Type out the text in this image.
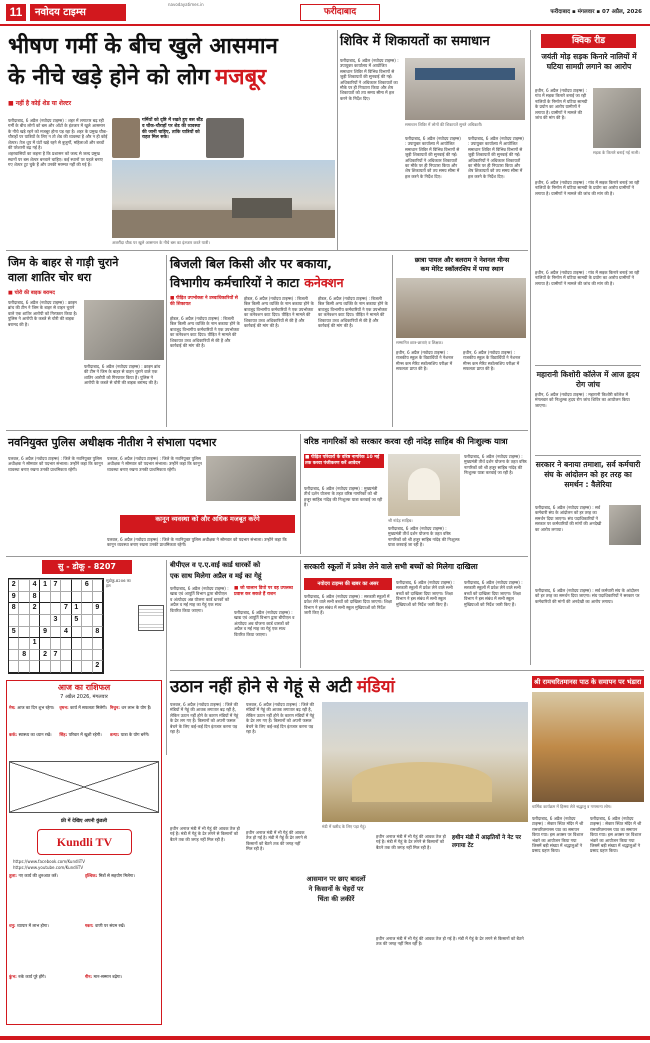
11	नवोदय टाइम्स
navodayatimes.in
फरीदाबाद	फरीदाबाद ▪ मंगलवार ▪ 07 अप्रैल, 2026
भीषण गर्मी के बीच खुले आसमान
के नीचे खड़े होने को लोग मजबूर
■ नहीं है कोई शेड या शेल्टर

फरीदाबाद, 6 अप्रैल (नवोदय टाइम्स) : शहर में लगातार बढ़ रही गर्मी के बीच लोगों को बस और ऑटो के इंतजार में खुले आसमान के नीचे खड़े रहने को मजबूर होना पड़ रहा है। शहर के प्रमुख चौक-चौराहों पर यात्रियों के लिए न तो शेड की व्यवस्था है और न ही कोई शेल्टर। तेज धूप में घंटों खड़े रहने से बुजुर्गों, महिलाओं और बच्चों की परेशानी बढ़ गई है।

शहरवासियों का कहना है कि प्रशासन को जल्द से जल्द प्रमुख स्थानों पर बस शेल्टर बनवाने चाहिए। कई स्थानों पर पहले बनाए गए शेल्टर टूट चुके हैं और उनकी मरम्मत नहीं की गई है।

गर्मियों को दृष्टि में रखते हुए बस स्टैंड व चौक-चौराहों पर शेड की व्यवस्था की जानी चाहिए, ताकि यात्रियों को राहत मिल सके।
अजरौंदा चौक पर खुले आसमान के नीचे बस का इंतजार करते यात्री।
शिविर में शिकायतों का समाधान
फरीदाबाद, 6 अप्रैल (नवोदय टाइम्स) : उपायुक्त कार्यालय में आयोजित समाधान शिविर में विभिन्न विभागों से जुड़ी शिकायतों की सुनवाई की गई। अधिकारियों ने अधिकतर शिकायतों का मौके पर ही निपटारा किया और शेष शिकायतों को तय समय सीमा में हल करने के निर्देश दिए।
समाधान शिविर में लोगों की शिकायतें सुनते अधिकारी।
फरीदाबाद, 6 अप्रैल (नवोदय टाइम्स) : उपायुक्त कार्यालय में आयोजित समाधान शिविर में विभिन्न विभागों से जुड़ी शिकायतों की सुनवाई की गई। अधिकारियों ने अधिकतर शिकायतों का मौके पर ही निपटारा किया और शेष शिकायतों को तय समय सीमा में हल करने के निर्देश दिए।
फरीदाबाद, 6 अप्रैल (नवोदय टाइम्स) : उपायुक्त कार्यालय में आयोजित समाधान शिविर में विभिन्न विभागों से जुड़ी शिकायतों की सुनवाई की गई। अधिकारियों ने अधिकतर शिकायतों का मौके पर ही निपटारा किया और शेष शिकायतों को तय समय सीमा में हल करने के निर्देश दिए।
क्विक रीड
जयंती मोड़ सड़क किनारे नालियों में घटिया सामग्री लगाने का आरोप
हथीन, 6 अप्रैल (नवोदय टाइम्स) : गांव में सड़क किनारे बनाई जा रही नालियों के निर्माण में घटिया सामग्री के प्रयोग का आरोप ग्रामीणों ने लगाया है। ग्रामीणों ने मामले की जांच की मांग की है।
सड़क के किनारे बनाई गई नाली।
हथीन, 6 अप्रैल (नवोदय टाइम्स) : गांव में सड़क किनारे बनाई जा रही नालियों के निर्माण में घटिया सामग्री के प्रयोग का आरोप ग्रामीणों ने लगाया है। ग्रामीणों ने मामले की जांच की मांग की है।
हथीन, 6 अप्रैल (नवोदय टाइम्स) : गांव में सड़क किनारे बनाई जा रही नालियों के निर्माण में घटिया सामग्री के प्रयोग का आरोप ग्रामीणों ने लगाया है। ग्रामीणों ने मामले की जांच की मांग की है।
महारानी किशोरी कॉलेज में आज हृदय रोग जांच
हथीन, 6 अप्रैल (नवोदय टाइम्स) : महारानी किशोरी कॉलेज में मंगलवार को निःशुल्क हृदय रोग जांच शिविर का आयोजन किया जाएगा।
सरकार ने बनाया तमाशा, सर्व कर्मचारी संघ के आंदोलन को हर तरह का समर्थन : वैलेरिया
फरीदाबाद, 6 अप्रैल (नवोदय टाइम्स) : सर्व कर्मचारी संघ के आंदोलन को हर तरह का समर्थन दिया जाएगा। संघ पदाधिकारियों ने सरकार पर कर्मचारियों की मांगों की अनदेखी का आरोप लगाया।
फरीदाबाद, 6 अप्रैल (नवोदय टाइम्स) : सर्व कर्मचारी संघ के आंदोलन को हर तरह का समर्थन दिया जाएगा। संघ पदाधिकारियों ने सरकार पर कर्मचारियों की मांगों की अनदेखी का आरोप लगाया।
जिम के बाहर से गाड़ी चुराने
वाला शातिर चोर धरा
■ चोरी की बाइक बरामद
फरीदाबाद, 6 अप्रैल (नवोदय टाइम्स) : क्राइम ब्रांच की टीम ने जिम के बाहर से वाहन चुराने वाले एक शातिर आरोपी को गिरफ्तार किया है। पुलिस ने आरोपी के कब्जे से चोरी की बाइक बरामद की है।
फरीदाबाद, 6 अप्रैल (नवोदय टाइम्स) : क्राइम ब्रांच की टीम ने जिम के बाहर से वाहन चुराने वाले एक शातिर आरोपी को गिरफ्तार किया है। पुलिस ने आरोपी के कब्जे से चोरी की बाइक बरामद की है।
बिजली बिल किसी और पर बकाया,
विभागीय कर्मचारियों ने काटा कनेक्शन
■ पीड़ित उपभोक्ता ने उच्चाधिकारियों से की शिकायत
होडल, 6 अप्रैल (नवोदय टाइम्स) : बिजली बिल किसी अन्य व्यक्ति के नाम बकाया होने के बावजूद विभागीय कर्मचारियों ने एक उपभोक्ता का कनेक्शन काट दिया। पीड़ित ने मामले की शिकायत उच्च अधिकारियों से की है और कार्रवाई की मांग की है।
होडल, 6 अप्रैल (नवोदय टाइम्स) : बिजली बिल किसी अन्य व्यक्ति के नाम बकाया होने के बावजूद विभागीय कर्मचारियों ने एक उपभोक्ता का कनेक्शन काट दिया। पीड़ित ने मामले की शिकायत उच्च अधिकारियों से की है और कार्रवाई की मांग की है।
होडल, 6 अप्रैल (नवोदय टाइम्स) : बिजली बिल किसी अन्य व्यक्ति के नाम बकाया होने के बावजूद विभागीय कर्मचारियों ने एक उपभोक्ता का कनेक्शन काट दिया। पीड़ित ने मामले की शिकायत उच्च अधिकारियों से की है और कार्रवाई की मांग की है।
छात्रा पायल और बलराम ने नेशनल मीन्स
कम मेरिट स्कॉलरशिप में पाया स्थान
सम्मानित छात्र-छात्राएं व शिक्षक।
हथीन, 6 अप्रैल (नवोदय टाइम्स) : राजकीय स्कूल के विद्यार्थियों ने नेशनल मीन्स कम मेरिट स्कॉलरशिप परीक्षा में सफलता प्राप्त की है।
हथीन, 6 अप्रैल (नवोदय टाइम्स) : राजकीय स्कूल के विद्यार्थियों ने नेशनल मीन्स कम मेरिट स्कॉलरशिप परीक्षा में सफलता प्राप्त की है।
नवनियुक्त पुलिस अधीक्षक नीतीश ने संभाला पदभार
पलवल, 6 अप्रैल (नवोदय टाइम्स) : जिले के नवनियुक्त पुलिस अधीक्षक ने सोमवार को पदभार संभाला। उन्होंने कहा कि कानून व्यवस्था बनाए रखना उनकी प्राथमिकता रहेगी।
पलवल, 6 अप्रैल (नवोदय टाइम्स) : जिले के नवनियुक्त पुलिस अधीक्षक ने सोमवार को पदभार संभाला। उन्होंने कहा कि कानून व्यवस्था बनाए रखना उनकी प्राथमिकता रहेगी।
कानून व्यवस्था को और अधिक मजबूत करेंगे
पलवल, 6 अप्रैल (नवोदय टाइम्स) : जिले के नवनियुक्त पुलिस अधीक्षक ने सोमवार को पदभार संभाला। उन्होंने कहा कि कानून व्यवस्था बनाए रखना उनकी प्राथमिकता रहेगी।
वरिष्ठ नागरिकों को सरकार करवा रही नांदेड़ साहिब की निःशुल्क यात्रा
■ पीड़ित परिवारों के वरिष्ठ नागरिक 10 मई तक करवा पंजीकरण करें आवेदन
फरीदाबाद, 6 अप्रैल (नवोदय टाइम्स) : मुख्यमंत्री तीर्थ दर्शन योजना के तहत वरिष्ठ नागरिकों को श्री हजूर साहिब नांदेड़ की निःशुल्क यात्रा करवाई जा रही है।
श्री नांदेड़ साहिब।
फरीदाबाद, 6 अप्रैल (नवोदय टाइम्स) : मुख्यमंत्री तीर्थ दर्शन योजना के तहत वरिष्ठ नागरिकों को श्री हजूर साहिब नांदेड़ की निःशुल्क यात्रा करवाई जा रही है।
फरीदाबाद, 6 अप्रैल (नवोदय टाइम्स) : मुख्यमंत्री तीर्थ दर्शन योजना के तहत वरिष्ठ नागरिकों को श्री हजूर साहिब नांदेड़ की निःशुल्क यात्रा करवाई जा रही है।
सु - डोकू - 8207
2	4 1 7	6
9	8
8	2	7 1	9
3	5
5	9	4	8
1
8	2 7
2
सुडोकू-8206 का हल
बीपीएल व ए.ए.वाई कार्ड धारकों को
एक साथ मिलेगा अप्रैल व मई का गेहूं
फरीदाबाद, 6 अप्रैल (नवोदय टाइम्स) : खाद्य एवं आपूर्ति विभाग द्वारा बीपीएल व अंत्योदय अन्न योजना कार्ड धारकों को अप्रैल व मई माह का गेहूं एक साथ वितरित किया जाएगा।
■ जो चालान डिपो पर वह उपलब्ध प्रवास कर सकते हैं राशन
फरीदाबाद, 6 अप्रैल (नवोदय टाइम्स) : खाद्य एवं आपूर्ति विभाग द्वारा बीपीएल व अंत्योदय अन्न योजना कार्ड धारकों को अप्रैल व मई माह का गेहूं एक साथ वितरित किया जाएगा।
सरकारी स्कूलों में प्रवेश लेने वाले सभी बच्चों को मिलेगा दाखिला
नवोदय टाइम्स की खबर का असर
फरीदाबाद, 6 अप्रैल (नवोदय टाइम्स) : सरकारी स्कूलों में प्रवेश लेने वाले सभी बच्चों को दाखिला दिया जाएगा। शिक्षा विभाग ने इस संबंध में सभी स्कूल मुखियाओं को निर्देश जारी किए हैं।
फरीदाबाद, 6 अप्रैल (नवोदय टाइम्स) : सरकारी स्कूलों में प्रवेश लेने वाले सभी बच्चों को दाखिला दिया जाएगा। शिक्षा विभाग ने इस संबंध में सभी स्कूल मुखियाओं को निर्देश जारी किए हैं।
फरीदाबाद, 6 अप्रैल (नवोदय टाइम्स) : सरकारी स्कूलों में प्रवेश लेने वाले सभी बच्चों को दाखिला दिया जाएगा। शिक्षा विभाग ने इस संबंध में सभी स्कूल मुखियाओं को निर्देश जारी किए हैं।
आज का राशिफल
7 अप्रैल 2026, मंगलवार
मेष: आज का दिन शुभ रहेगा।	वृषभ: कार्य में सफलता मिलेगी। मिथुन: धन लाभ के योग हैं।
कर्क: स्वास्थ्य का ध्यान रखें।	सिंह: परिवार में खुशी रहेगी।	कन्या: यात्रा के योग बनेंगे।
फ्री में देखिए अपनी कुंडली
Kundli TV
https://www.facebook.com/KundliTV
https://www.youtube.com/KundliTV
तुला: नए कार्य की शुरुआत करें।	वृश्चिक: मित्रों से सहयोग मिलेगा।
धनु: व्यापार में लाभ होगा।	मकर: वाणी पर संयम रखें।
कुंभ: रुके कार्य पूरे होंगे।	मीन: मान-सम्मान बढ़ेगा।
उठान नहीं होने से गेहूं से अटी मंडियां
पलवल, 6 अप्रैल (नवोदय टाइम्स) : जिले की मंडियों में गेहूं की आवक लगातार बढ़ रही है, लेकिन उठान नहीं होने के कारण मंडियों में गेहूं के ढेर लग गए हैं। किसानों को अपनी फसल बेचने के लिए कई-कई दिन इंतजार करना पड़ रहा है।
पलवल, 6 अप्रैल (नवोदय टाइम्स) : जिले की मंडियों में गेहूं की आवक लगातार बढ़ रही है, लेकिन उठान नहीं होने के कारण मंडियों में गेहूं के ढेर लग गए हैं। किसानों को अपनी फसल बेचने के लिए कई-कई दिन इंतजार करना पड़ रहा है।
मंडी में खरीद के लिए पड़ा गेहूं।
हथीन अनाज मंडी में भी गेहूं की आवक तेज हो गई है। मंडी में गेहूं के ढेर लगने से किसानों को बैठने तक की जगह नहीं मिल रही है।
हथीन अनाज मंडी में भी गेहूं की आवक तेज हो गई है। मंडी में गेहूं के ढेर लगने से किसानों को बैठने तक की जगह नहीं मिल रही है।
आसमान पर छाए बादलों ने किसानों के चेहरों पर चिंता की लकीरें
हथीन अनाज मंडी में भी गेहूं की आवक तेज हो गई है। मंडी में गेहूं के ढेर लगने से किसानों को बैठने तक की जगह नहीं मिल रही है।
हथीन मंडी में आढ़तियों ने नेट पर लगाया टेंट
हथीन अनाज मंडी में भी गेहूं की आवक तेज हो गई है। मंडी में गेहूं के ढेर लगने से किसानों को बैठने तक की जगह नहीं मिल रही है।
श्री रामचरितमानस पाठ के समापन पर भंडारा
धार्मिक कार्यक्रम में हिस्सा लेते श्रद्धालु व गणमान्य लोग।
फरीदाबाद, 6 अप्रैल (नवोदय टाइम्स) : सेक्टर स्थित मंदिर में श्री रामचरितमानस पाठ का समापन किया गया। इस अवसर पर विशाल भंडारे का आयोजन किया गया जिसमें बड़ी संख्या में श्रद्धालुओं ने प्रसाद ग्रहण किया।
फरीदाबाद, 6 अप्रैल (नवोदय टाइम्स) : सेक्टर स्थित मंदिर में श्री रामचरितमानस पाठ का समापन किया गया। इस अवसर पर विशाल भंडारे का आयोजन किया गया जिसमें बड़ी संख्या में श्रद्धालुओं ने प्रसाद ग्रहण किया।
